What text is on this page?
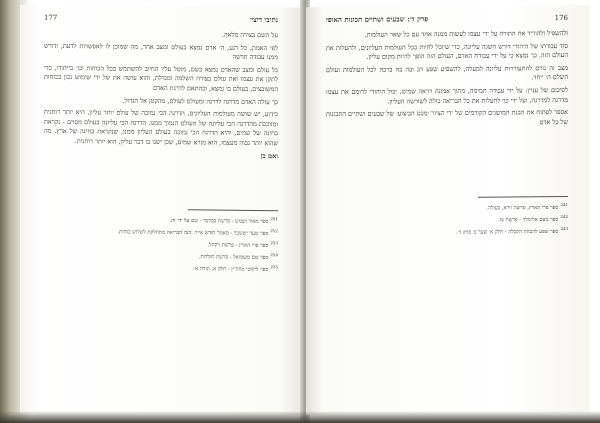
נתיבי דיצי׳
177

על השם בצורה מלאה.

לפי האמת, כל רגע, ה׳ אדם נמצא בעולם ומצב אחר, מה שמוכן לו לאפשרות לדעת, ודורש ממנו עבודה חדשה

כל עולם ומצב שהאדם נמצא בשם, מוטל עליו החיוב להשתמש בכל הכוחות וכו׳ בייחודו, כדי לתקן את עצמו ואת עולם בצורה השלמה ומגדלת, והוא עושה את של ידי שימוש נכון בכוחות המשובצים, בעולם בו נמצא, ובהתאם לדרגת האדם

כך עולה האדם מדרגה לדרגה ומעולם לעולם, מהקטן אל הגדול.

כידוע, יש שושה מעולמות העליונים, הדרגה הכי נמוכה של עולם יותר עליון, היא יותר רוחנית ומזוככת מהדרגה הכי עליונה של העולם הנמוך ממנו. הדרגה הכי עליונה בעולם מסוים - נקראת בחינה של שמים, והיא הדרגה הכי נמוכה בעולם העליון ממנו, שנקראת בחינה של ארץ. מה שהוא יותר גבוה מעצמו, הוא נקרא שמים, שכן ישנו בו דבר עליון, הוא יותר רוחנית.

ואם כן

$^{251}$ספר מאור ושמש - פרשת במדבר - שם על ידי זה.

$^{252}$ספר שער יששכר - מאמר חודש אייר. הנה הבריאה מתחלקת לשלוש כוחות.

$^{253}$ספר פרי הארץ - פרשת ויקהל.

$^{254}$ספר שם משמואל - פרשת תולדות.

$^{255}$ספר ליקוטי מוהר״ן - חלק א, תורה א׳.

176
פרק ד׳: שבעים ושתיים תכונות האופי

ולהשפיל ולהוריד את התורה על ידי עצמו לעשות ממנה אחד עם כל שאר העולמות.

סוד עבודתו של היהודי דורש השגה עליונה, כדי שיוכל לחיות בכל העולמות העליונים, ולהעלות את העולם הזה. כך נמצא כי על ידי עבודת האדם, העולם הזה הופך להיות מקום עליון.

מצב זה גורם להתעוררות עליונה למעלה, להשפיע שפע רב ובה בה ברכה לכל העולמות ועולם השלם ה׳ ייחד.

לסיכום של עניין: על ידי עבודה תמימה, מתוך אמונה ויראה שמים, יכול היהודי לרומם את עצמו מדרגה למדרגה, ועל ידי כך להעלות את כל הבריאה כולה לשורשה העליון.

אספר לפתוח את הבנת המושגים הקודמים של ידי הציור ׳מבט הביצוע׳ של שבעים ושתיים התכונות של כל אדם

$^{241}$ספר פרי הארץ, פרשת וירא, בעולה.

$^{242}$ספר נועם אלימלך - פרשת צו.

$^{243}$ספר שפע להבהת הקבלה - חלק א׳ שער ב׳ פרק ד׳.
